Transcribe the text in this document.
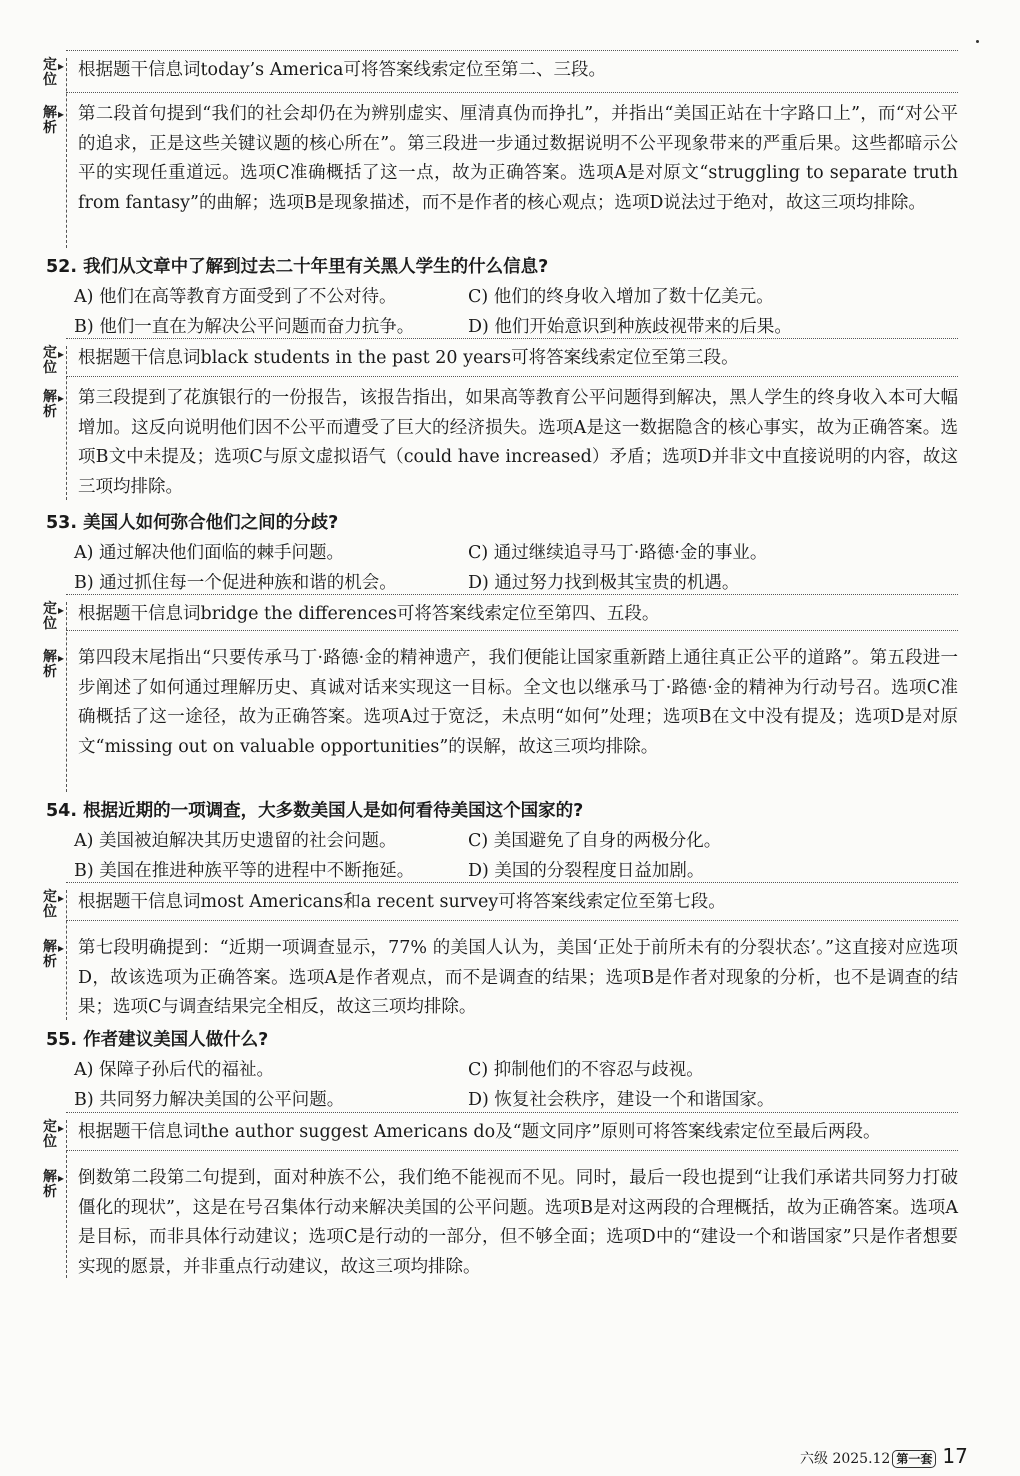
定位
▸ 根据题干信息词today’s America可将答案线索定位至第二、三段。

解析
▸ 第二段首句提到“我们的社会却仍在为辨别虚实、厘清真伪而挣扎”，并指出“美国正站在十字路口上”，而“对公平的追求，正是这些关键议题的核心所在”。第三段进一步通过数据说明不公平现象带来的严重后果。这些都暗示公平的实现任重道远。选项C准确概括了这一点，故为正确答案。选项A是对原文“struggling to separate truth from fantasy”的曲解；选项B是现象描述，而不是作者的核心观点；选项D说法过于绝对，故这三项均排除。

52. 我们从文章中了解到过去二十年里有关黑人学生的什么信息?
A) 他们在高等教育方面受到了不公对待。	C) 他们的终身收入增加了数十亿美元。
B) 他们一直在为解决公平问题而奋力抗争。	D) 他们开始意识到种族歧视带来的后果。
定位
▸ 根据题干信息词black students in the past 20 years可将答案线索定位至第三段。

解析
▸ 第三段提到了花旗银行的一份报告，该报告指出，如果高等教育公平问题得到解决，黑人学生的终身收入本可大幅增加。这反向说明他们因不公平而遭受了巨大的经济损失。选项A是这一数据隐含的核心事实，故为正确答案。选项B文中未提及；选项C与原文虚拟语气（could have increased）矛盾；选项D并非文中直接说明的内容，故这三项均排除。

53. 美国人如何弥合他们之间的分歧?
A) 通过解决他们面临的棘手问题。	C) 通过继续追寻马丁·路德·金的事业。
B) 通过抓住每一个促进种族和谐的机会。	D) 通过努力找到极其宝贵的机遇。
定位
▸ 根据题干信息词bridge the differences可将答案线索定位至第四、五段。

解析
▸ 第四段末尾指出“只要传承马丁·路德·金的精神遗产，我们便能让国家重新踏上通往真正公平的道路”。第五段进一步阐述了如何通过理解历史、真诚对话来实现这一目标。全文也以继承马丁·路德·金的精神为行动号召。选项C准确概括了这一途径，故为正确答案。选项A过于宽泛，未点明“如何”处理；选项B在文中没有提及；选项D是对原文“missing out on valuable opportunities”的误解，故这三项均排除。

54. 根据近期的一项调查，大多数美国人是如何看待美国这个国家的?
A) 美国被迫解决其历史遗留的社会问题。	C) 美国避免了自身的两极分化。
B) 美国在推进种族平等的进程中不断拖延。	D) 美国的分裂程度日益加剧。
定位
▸ 根据题干信息词most Americans和a recent survey可将答案线索定位至第七段。

解析
▸ 第七段明确提到：“近期一项调查显示，77% 的美国人认为，美国‘正处于前所未有的分裂状态’。”这直接对应选项 D，故该选项为正确答案。选项A是作者观点，而不是调查的结果；选项B是作者对现象的分析，也不是调查的结果；选项C与调查结果完全相反，故这三项均排除。

55. 作者建议美国人做什么?
A) 保障子孙后代的福祉。	C) 抑制他们的不容忍与歧视。
B) 共同努力解决美国的公平问题。	D) 恢复社会秩序，建设一个和谐国家。
定位
▸ 根据题干信息词the author suggest Americans do及“题文同序”原则可将答案线索定位至最后两段。

解析
▸ 倒数第二段第二句提到，面对种族不公，我们绝不能视而不见。同时，最后一段也提到“让我们承诺共同努力打破僵化的现状”，这是在号召集体行动来解决美国的公平问题。选项B是对这两段的合理概括，故为正确答案。选项A是目标，而非具体行动建议；选项C是行动的一部分，但不够全面；选项D中的“建设一个和谐国家”只是作者想要实现的愿景，并非重点行动建议，故这三项均排除。

六级 2025.12 第一套 17
